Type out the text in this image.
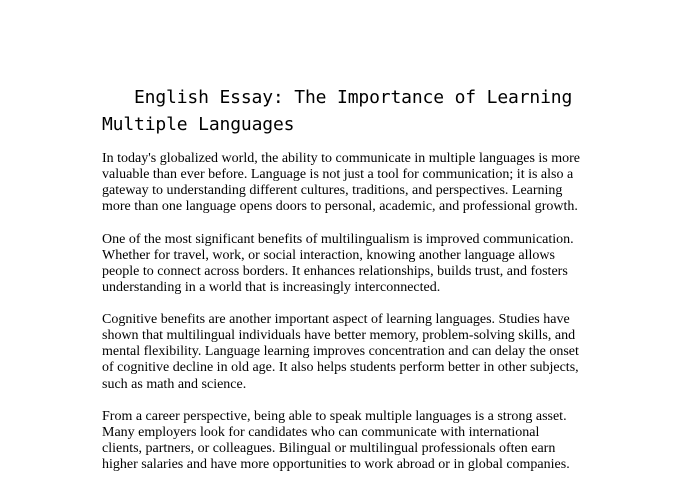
English Essay: The Importance of Learning Multiple Languages

In today's globalized world, the ability to communicate in multiple languages is more valuable than ever before. Language is not just a tool for communication; it is also a gateway to understanding different cultures, traditions, and perspectives. Learning more than one language opens doors to personal, academic, and professional growth.

One of the most significant benefits of multilingualism is improved communication. Whether for travel, work, or social interaction, knowing another language allows people to connect across borders. It enhances relationships, builds trust, and fosters understanding in a world that is increasingly interconnected.

Cognitive benefits are another important aspect of learning languages. Studies have shown that multilingual individuals have better memory, problem-solving skills, and mental flexibility. Language learning improves concentration and can delay the onset of cognitive decline in old age. It also helps students perform better in other subjects, such as math and science.

From a career perspective, being able to speak multiple languages is a strong asset. Many employers look for candidates who can communicate with international clients, partners, or colleagues. Bilingual or multilingual professionals often earn higher salaries and have more opportunities to work abroad or in global companies.
